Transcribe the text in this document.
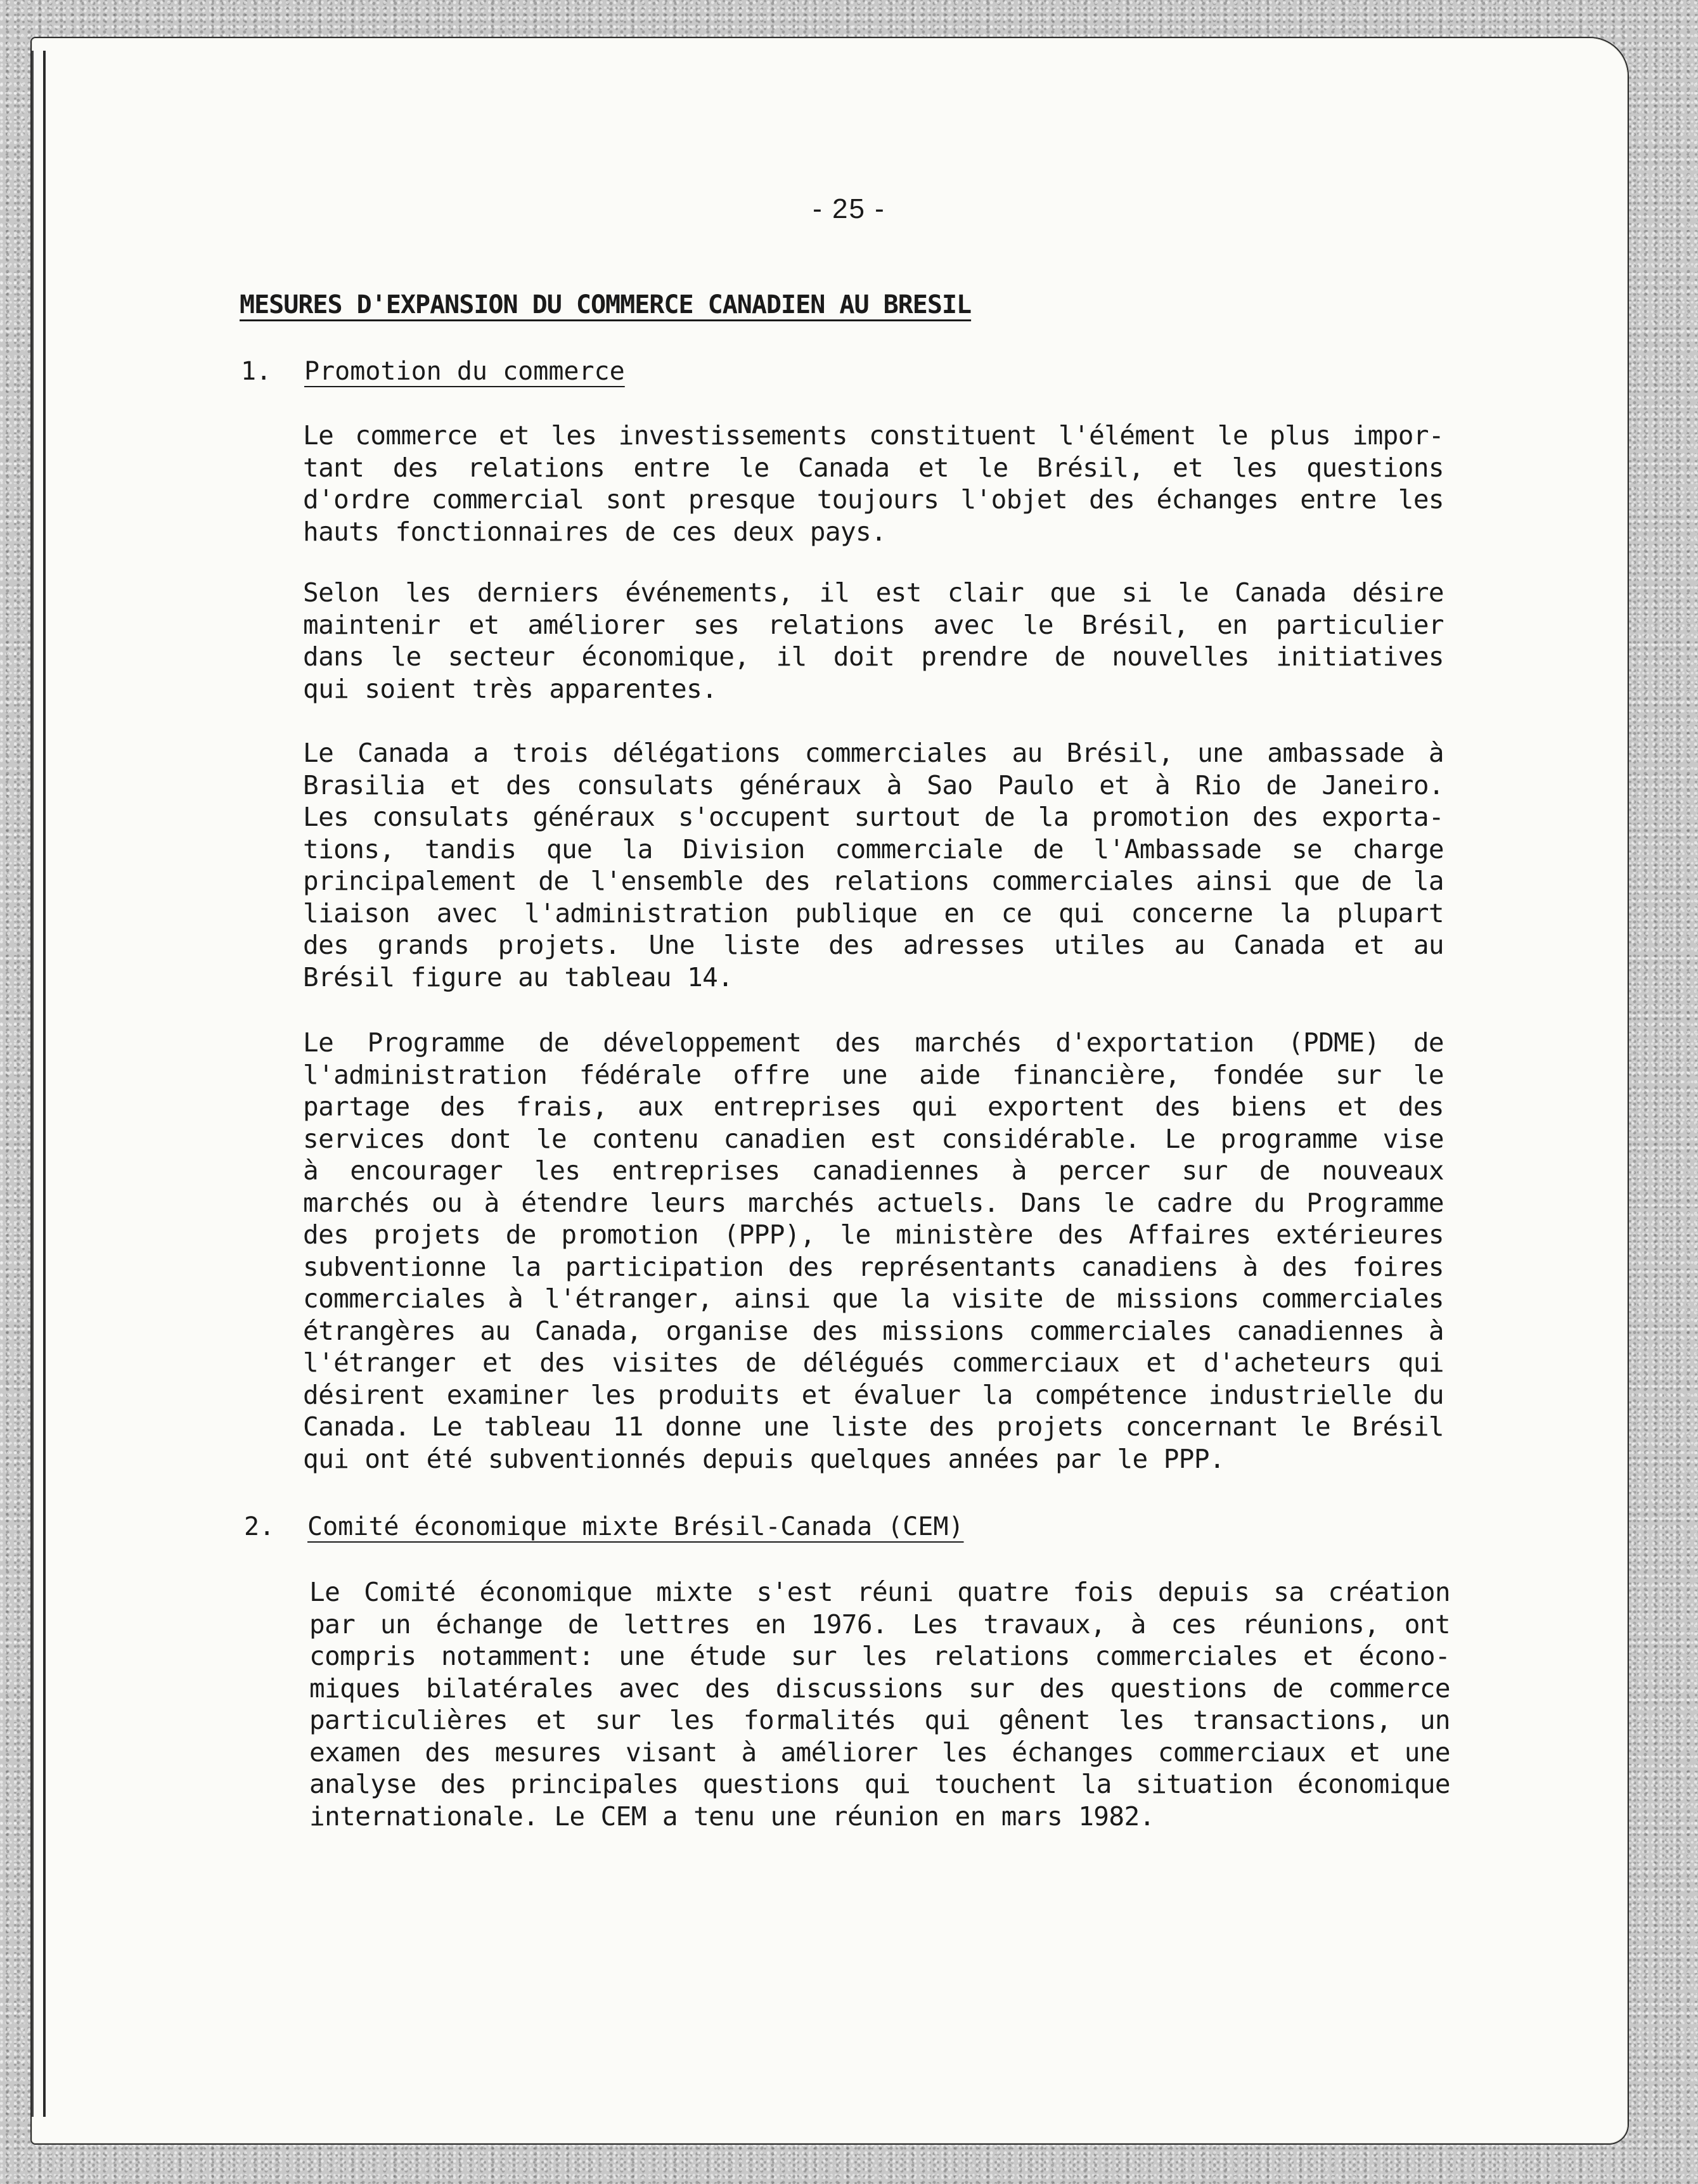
- 25 -
MESURES D'EXPANSION DU COMMERCE CANADIEN AU BRESIL
1. Promotion du commerce
Le commerce et les investissements constituent l'élément le plus impor-
tant des relations entre le Canada et le Brésil, et les questions
d'ordre commercial sont presque toujours l'objet des échanges entre les
hauts fonctionnaires de ces deux pays.
Selon les derniers événements, il est clair que si le Canada désire
maintenir et améliorer ses relations avec le Brésil, en particulier
dans le secteur économique, il doit prendre de nouvelles initiatives
qui soient très apparentes.
Le Canada a trois délégations commerciales au Brésil, une ambassade à
Brasilia et des consulats généraux à Sao Paulo et à Rio de Janeiro.
Les consulats généraux s'occupent surtout de la promotion des exporta-
tions, tandis que la Division commerciale de l'Ambassade se charge
principalement de l'ensemble des relations commerciales ainsi que de la
liaison avec l'administration publique en ce qui concerne la plupart
des grands projets. Une liste des adresses utiles au Canada et au
Brésil figure au tableau 14.
Le Programme de développement des marchés d'exportation (PDME) de
l'administration fédérale offre une aide financière, fondée sur le
partage des frais, aux entreprises qui exportent des biens et des
services dont le contenu canadien est considérable. Le programme vise
à encourager les entreprises canadiennes à percer sur de nouveaux
marchés ou à étendre leurs marchés actuels. Dans le cadre du Programme
des projets de promotion (PPP), le ministère des Affaires extérieures
subventionne la participation des représentants canadiens à des foires
commerciales à l'étranger, ainsi que la visite de missions commerciales
étrangères au Canada, organise des missions commerciales canadiennes à
l'étranger et des visites de délégués commerciaux et d'acheteurs qui
désirent examiner les produits et évaluer la compétence industrielle du
Canada. Le tableau 11 donne une liste des projets concernant le Brésil
qui ont été subventionnés depuis quelques années par le PPP.
2. Comité économique mixte Brésil-Canada (CEM)
Le Comité économique mixte s'est réuni quatre fois depuis sa création
par un échange de lettres en 1976. Les travaux, à ces réunions, ont
compris notamment: une étude sur les relations commerciales et écono-
miques bilatérales avec des discussions sur des questions de commerce
particulières et sur les formalités qui gênent les transactions, un
examen des mesures visant à améliorer les échanges commerciaux et une
analyse des principales questions qui touchent la situation économique
internationale. Le CEM a tenu une réunion en mars 1982.
